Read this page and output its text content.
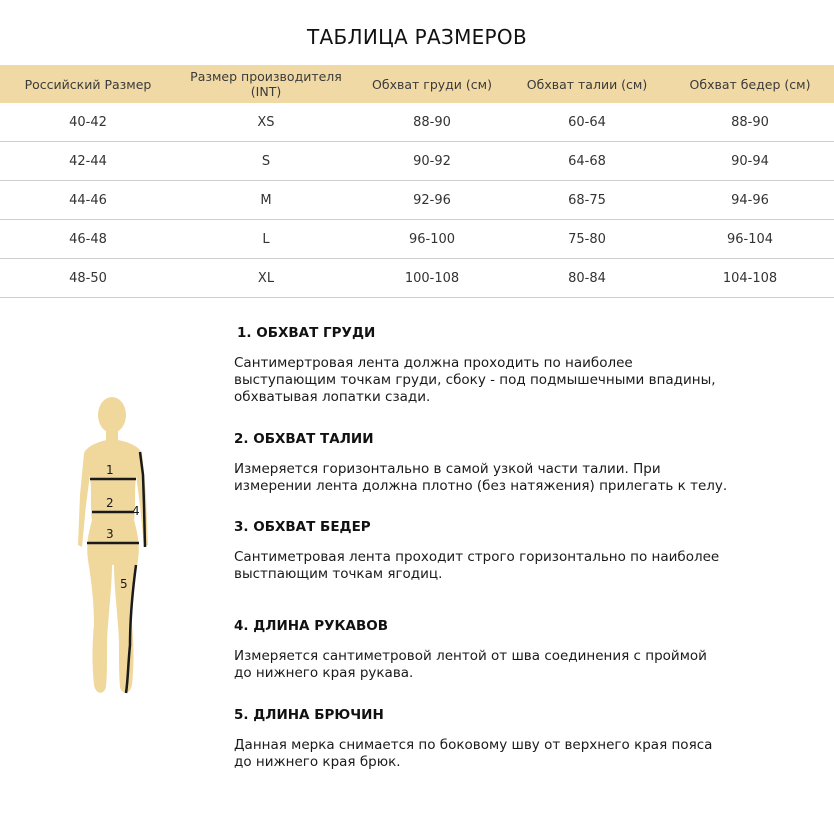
ТАБЛИЦА РАЗМЕРОВ
Российский Размер	Размер производителя (INT)	Обхват груди (см)	Обхват талии (см)	Обхват бедер (см)
40-42	XS	88-90	60-64	88-90
42-44	S	90-92	64-68	90-94
44-46	M	92-96	68-75	94-96
46-48	L	96-100	75-80	96-104
48-50	XL	100-108	80-84	104-108
1
2
3
4
5
1. ОБХВАТ ГРУДИ

Сантимертровая лента должна проходить по наиболее
выступающим точкам груди, сбоку - под подмышечными впадины,
обхватывая лопатки сзади.

2. ОБХВАТ ТАЛИИ

Измеряется горизонтально в самой узкой части талии. При
измерении лента должна плотно (без натяжения) прилегать к телу.

3. ОБХВАТ БЕДЕР

Сантиметровая лента проходит строго горизонтально по наиболее
выстпающим точкам ягодиц.

4. ДЛИНА РУКАВОВ

Измеряется сантиметровой лентой от шва соединения с проймой
до нижнего края рукава.

5. ДЛИНА БРЮЧИН

Данная мерка снимается по боковому шву от верхнего края пояса
до нижнего края брюк.
